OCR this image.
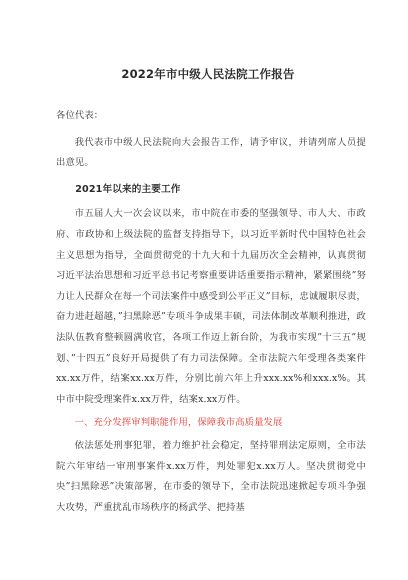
2022年市中级人民法院工作报告

各位代表：

我代表市中级人民法院向大会报告工作，请予审议，并请列席人员提出意见。

2021年以来的主要工作

市五届人大一次会议以来，市中院在市委的坚强领导、市人大、市政府、市政协和上级法院的监督支持指导下，以习近平新时代中国特色社会主义思想为指导，全面贯彻党的十九大和十九届历次全会精神，认真贯彻习近平法治思想和习近平总书记考察重要讲话重要指示精神，紧紧围绕”努力让人民群众在每一个司法案件中感受到公平正义”目标，忠诚履职尽责，奋力进赶超越，”扫黑除恶”专项斗争成果丰硕，司法体制改革顺利推进，政法队伍教育整顿圆满收官，各项工作迈上新台阶，为我市实现”十三五”规划、”十四五”良好开局提供了有力司法保障。全市法院六年受理各类案件xx.xx万件，结案xx.xx万件，分别比前六年上升xxx.xx%和xxx.x%。其中市中院受理案件x.xx万件，结案x.xx万件。

一、充分发挥审判职能作用，保障我市高质量发展

依法惩处刑事犯罪，着力维护社会稳定，坚持罪刑法定原则，全市法院六年审结一审刑事案件x.xx万件，判处罪犯x.xx万人。坚决贯彻党中央”扫黑除恶”决策部署，在市委的领导下，全市法院迅速掀起专项斗争强大攻势，严重扰乱市场秩序的杨武学、把持基
